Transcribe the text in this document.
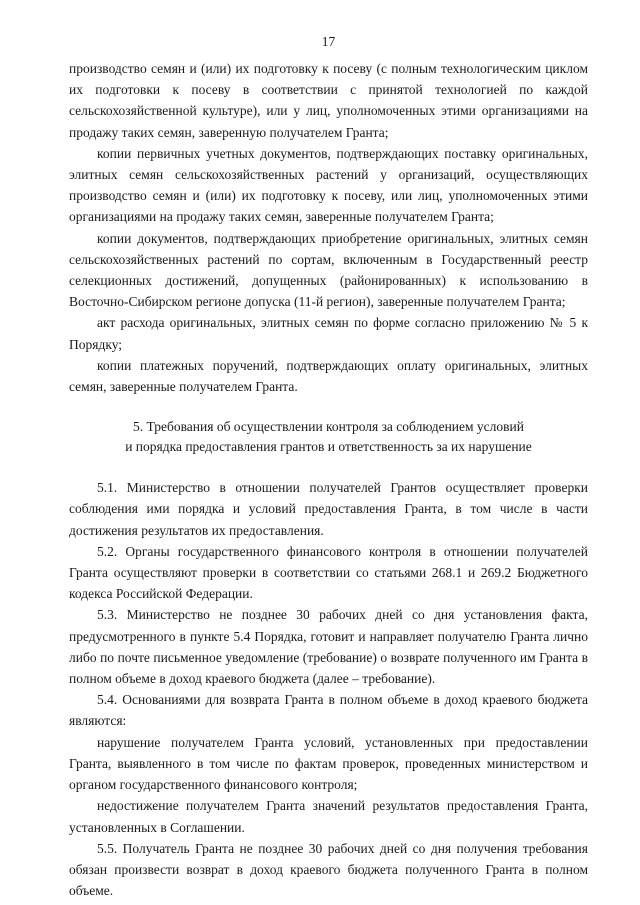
17

производство семян и (или) их подготовку к посеву (с полным технологическим циклом их подготовки к посеву в соответствии с принятой технологией по каждой сельскохозяйственной культуре), или у лиц, уполномоченных этими организациями на продажу таких семян, заверенную получателем Гранта;

копии первичных учетных документов, подтверждающих поставку оригинальных, элитных семян сельскохозяйственных растений у организаций, осуществляющих производство семян и (или) их подготовку к посеву, или лиц, уполномоченных этими организациями на продажу таких семян, заверенные получателем Гранта;

копии документов, подтверждающих приобретение оригинальных, элитных семян сельскохозяйственных растений по сортам, включенным в Государственный реестр селекционных достижений, допущенных (районированных) к использованию в Восточно-Сибирском регионе допуска (11-й регион), заверенные получателем Гранта;

акт расхода оригинальных, элитных семян по форме согласно приложению № 5 к Порядку;

копии платежных поручений, подтверждающих оплату оригинальных, элитных семян, заверенные получателем Гранта.

5. Требования об осуществлении контроля за соблюдением условий
и порядка предоставления грантов и ответственность за их нарушение

5.1. Министерство в отношении получателей Грантов осуществляет проверки соблюдения ими порядка и условий предоставления Гранта, в том числе в части достижения результатов их предоставления.

5.2. Органы государственного финансового контроля в отношении получателей Гранта осуществляют проверки в соответствии со статьями 268.1 и 269.2 Бюджетного кодекса Российской Федерации.

5.3. Министерство не позднее 30 рабочих дней со дня установления факта, предусмотренного в пункте 5.4 Порядка, готовит и направляет получателю Гранта лично либо по почте письменное уведомление (требование) о возврате полученного им Гранта в полном объеме в доход краевого бюджета (далее – требование).

5.4. Основаниями для возврата Гранта в полном объеме в доход краевого бюджета являются:

нарушение получателем Гранта условий, установленных при предоставлении Гранта, выявленного в том числе по фактам проверок, проведенных министерством и органом государственного финансового контроля;

недостижение получателем Гранта значений результатов предоставления Гранта, установленных в Соглашении.

5.5. Получатель Гранта не позднее 30 рабочих дней со дня получения требования обязан произвести возврат в доход краевого бюджета полученного Гранта в полном объеме.
